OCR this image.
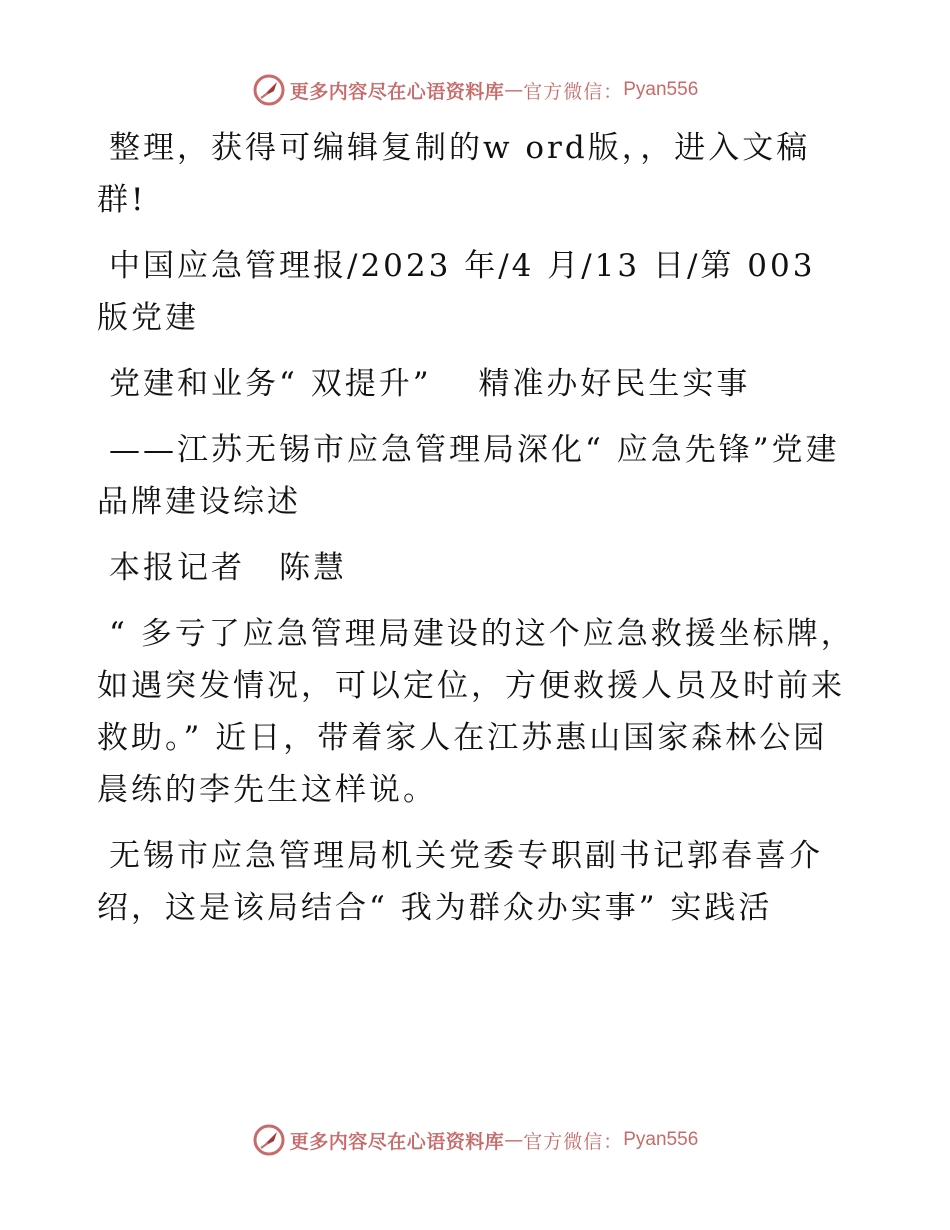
更多内容尽在心语资料库 — 官方微信： Pyan556

整理，获得可编辑复制的w ord版，，进入文稿群!

中国应急管理报/2023 年/4 月/13 日/第 003 版党建

党建和业务“ 双提升”　 精准办好民生实事

——江苏无锡市应急管理局深化“ 应急先锋”党建品牌建设综述

本报记者　陈慧

“ 多亏了应急管理局建设的这个应急救援坐标牌，如遇突发情况，可以定位，方便救援人员及时前来救助。” 近日，带着家人在江苏惠山国家森林公园晨练的李先生这样说。

无锡市应急管理局机关党委专职副书记郭春喜介绍，这是该局结合“ 我为群众办实事” 实践活

更多内容尽在心语资料库 — 官方微信： Pyan556
